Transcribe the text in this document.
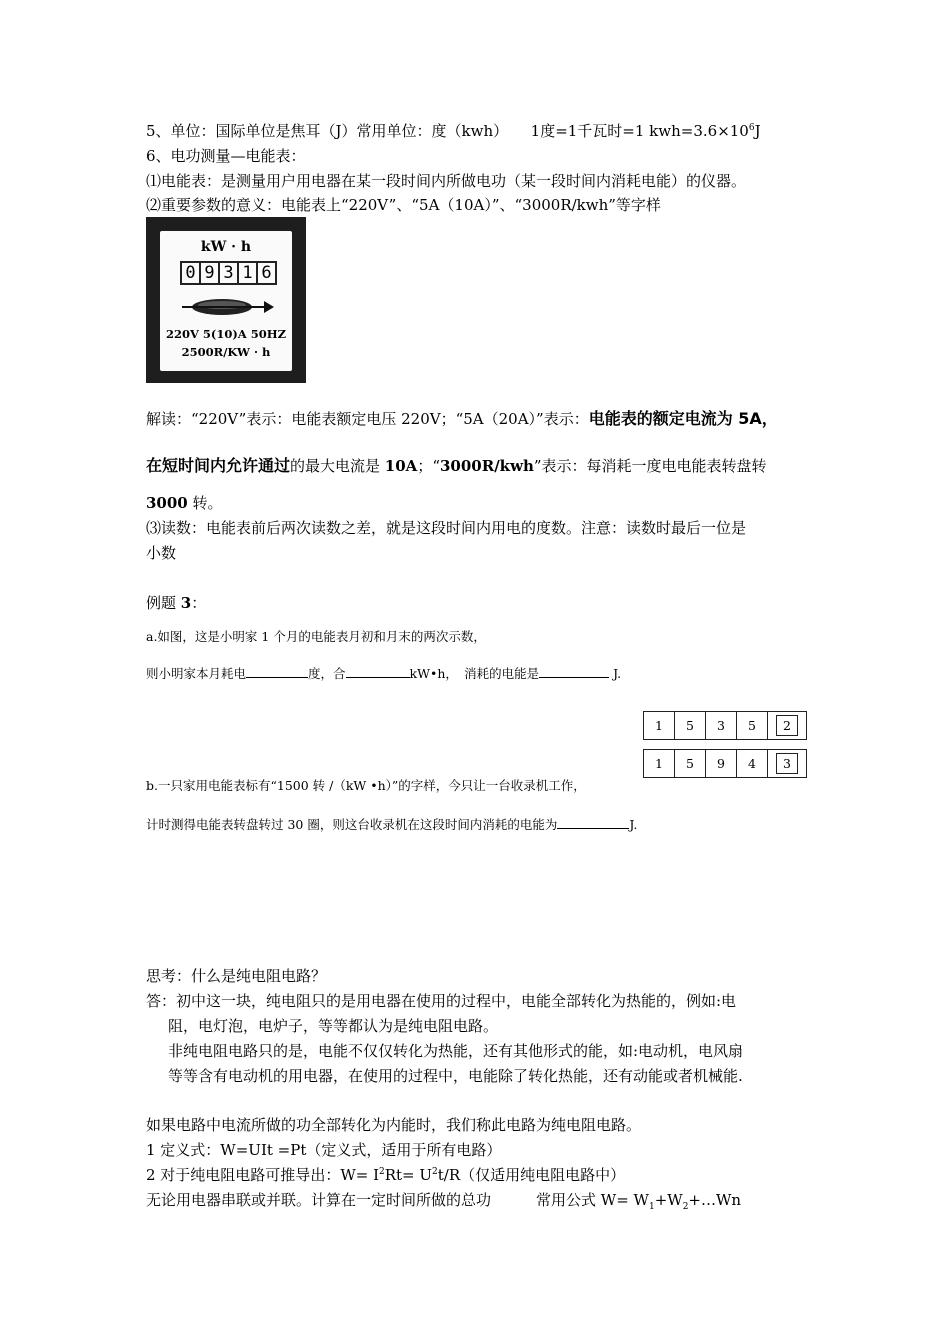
5、单位：国际单位是焦耳（J）常用单位：度（kwh）　　1度=1千瓦时=1 $kwh=3.6\times 10^6J$
6、电功测量—电能表：
⑴电能表：是测量用户用电器在某一段时间内所做电功（某一段时间内消耗电能）的仪器。
⑵重要参数的意义：电能表上“220V”、“5A（10A）”、“3000R/kwh”等字样
kW · h
0 9 3 1 6
220V 5(10)A 50HZ
2500R/KW · h
解读：“220V”表示：电能表额定电压 220V；“5A（20A）”表示：电能表的额定电流为 5A，
在短时间内允许通过的最大电流是 10A；“3000R/kwh”表示：每消耗一度电电能表转盘转
3000 转。
⑶读数：电能表前后两次读数之差，就是这段时间内用电的度数。注意：读数时最后一位是
小数
例题 3：
a.如图，这是小明家 1 个月的电能表月初和月末的两次示数，
则小明家本月耗电	度，合	kW•h，　消耗的电能是	J.
1	5	3	5	2
1	5	9	4	3
b.一只家用电能表标有“1500 转 /（kW •h）”的字样，今只让一台收录机工作，
计时测得电能表转盘转过 30 圈，则这台收录机在这段时间内消耗的电能为	J.
思考：什么是纯电阻电路？
答：初中这一块，纯电阻只的是用电器在使用的过程中，电能全部转化为热能的，例如:电
阻，电灯泡，电炉子，等等都认为是纯电阻电路。
非纯电阻电路只的是，电能不仅仅转化为热能，还有其他形式的能，如:电动机，电风扇
等等含有电动机的用电器，在使用的过程中，电能除了转化热能，还有动能或者机械能.
如果电路中电流所做的功全部转化为内能时，我们称此电路为纯电阻电路。
1 定义式：W=UIt =Pt（定义式，适用于所有电路）
2 对于纯电阻电路可推导出：$W= I^2Rt= U^2t/R$（仅适用纯电阻电路中）
无论用电器串联或并联。计算在一定时间所做的总功　　　常用公式 $W= W_1+W_2+\dots Wn$
